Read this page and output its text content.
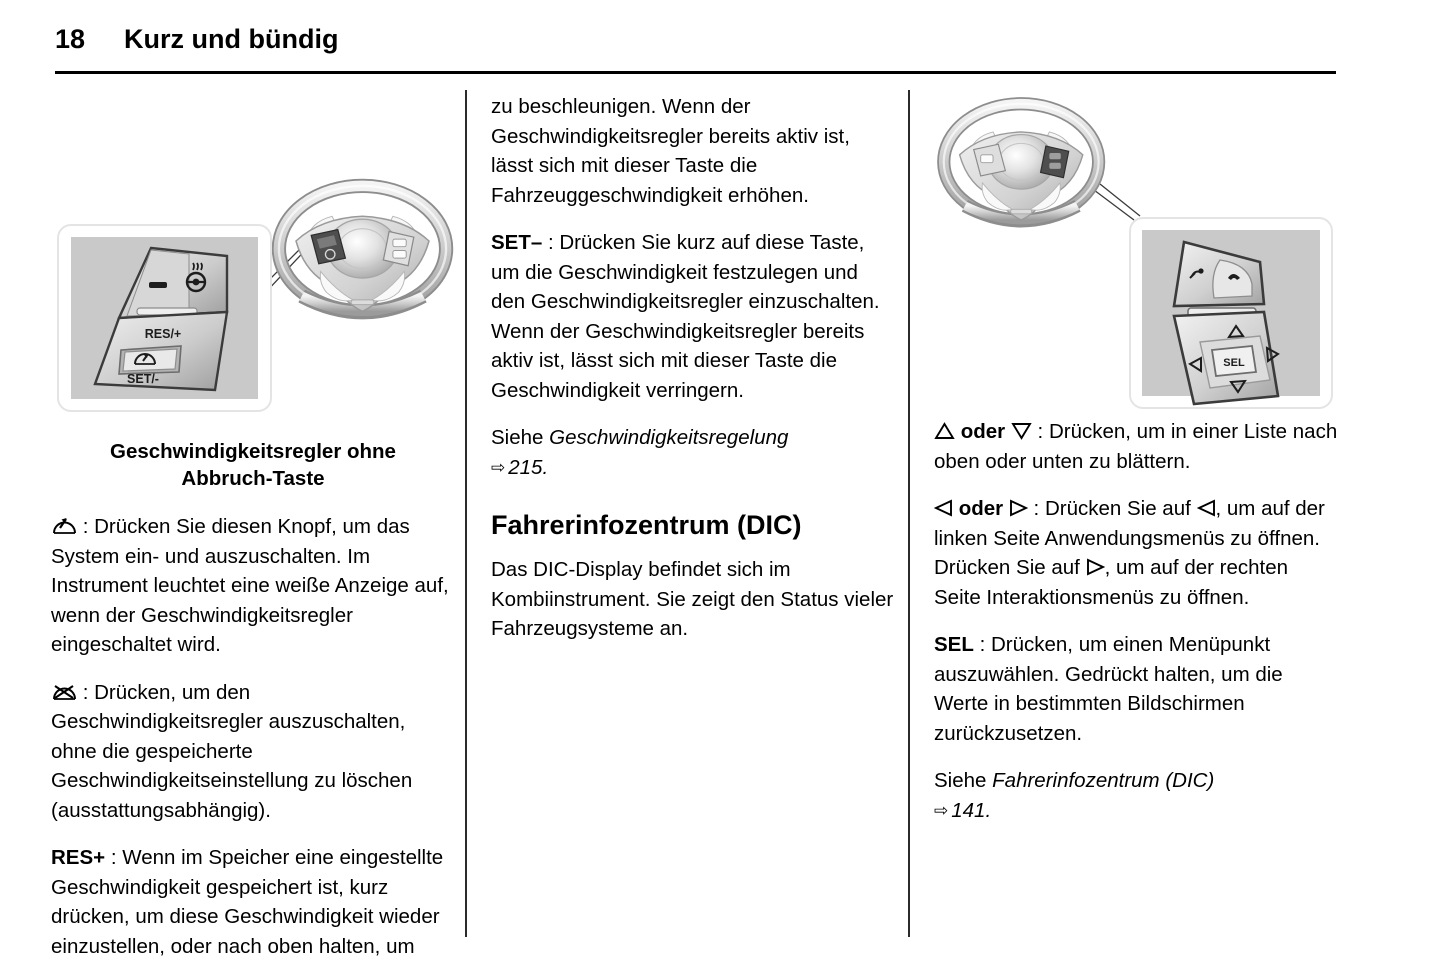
18 Kurz und bündig
RES/+
SET/-
Geschwindigkeitsregler ohne
Abbruch-Taste

: Drücken Sie diesen Knopf, um das System ein- und auszuschalten. Im Instrument leuchtet eine weiße Anzeige auf, wenn der Geschwindigkeitsregler eingeschaltet wird.

: Drücken, um den Geschwindigkeitsregler auszuschalten, ohne die gespeicherte Geschwindigkeitseinstellung zu löschen (ausstattungsabhängig).

RES+ : Wenn im Speicher eine eingestellte Geschwindigkeit gespeichert ist, kurz drücken, um diese Geschwindigkeit wieder einzustellen, oder nach oben halten, um

zu beschleunigen. Wenn der Geschwindigkeitsregler bereits aktiv ist, lässt sich mit dieser Taste die Fahrzeuggeschwindigkeit erhöhen.

SET– : Drücken Sie kurz auf diese Taste, um die Geschwindigkeit festzulegen und den Geschwindigkeitsregler einzuschalten. Wenn der Geschwindigkeitsregler bereits aktiv ist, lässt sich mit dieser Taste die Geschwindigkeit verringern.

Siehe Geschwindigkeitsregelung
⇨ 215.

Fahrerinfozentrum (DIC)

Das DIC-Display befindet sich im Kombiinstrument. Sie zeigt den Status vieler Fahrzeugsysteme an.

SEL

oder
: Drücken, um in einer Liste nach oben oder unten zu blättern.

oder
: Drücken Sie auf
, um auf der linken Seite Anwendungsmenüs zu öffnen. Drücken Sie auf
, um auf der rechten Seite Interaktionsmenüs zu öffnen.

SEL : Drücken, um einen Menüpunkt auszuwählen. Gedrückt halten, um die Werte in bestimmten Bildschirmen zurückzusetzen.

Siehe Fahrerinfozentrum (DIC)
⇨ 141.
